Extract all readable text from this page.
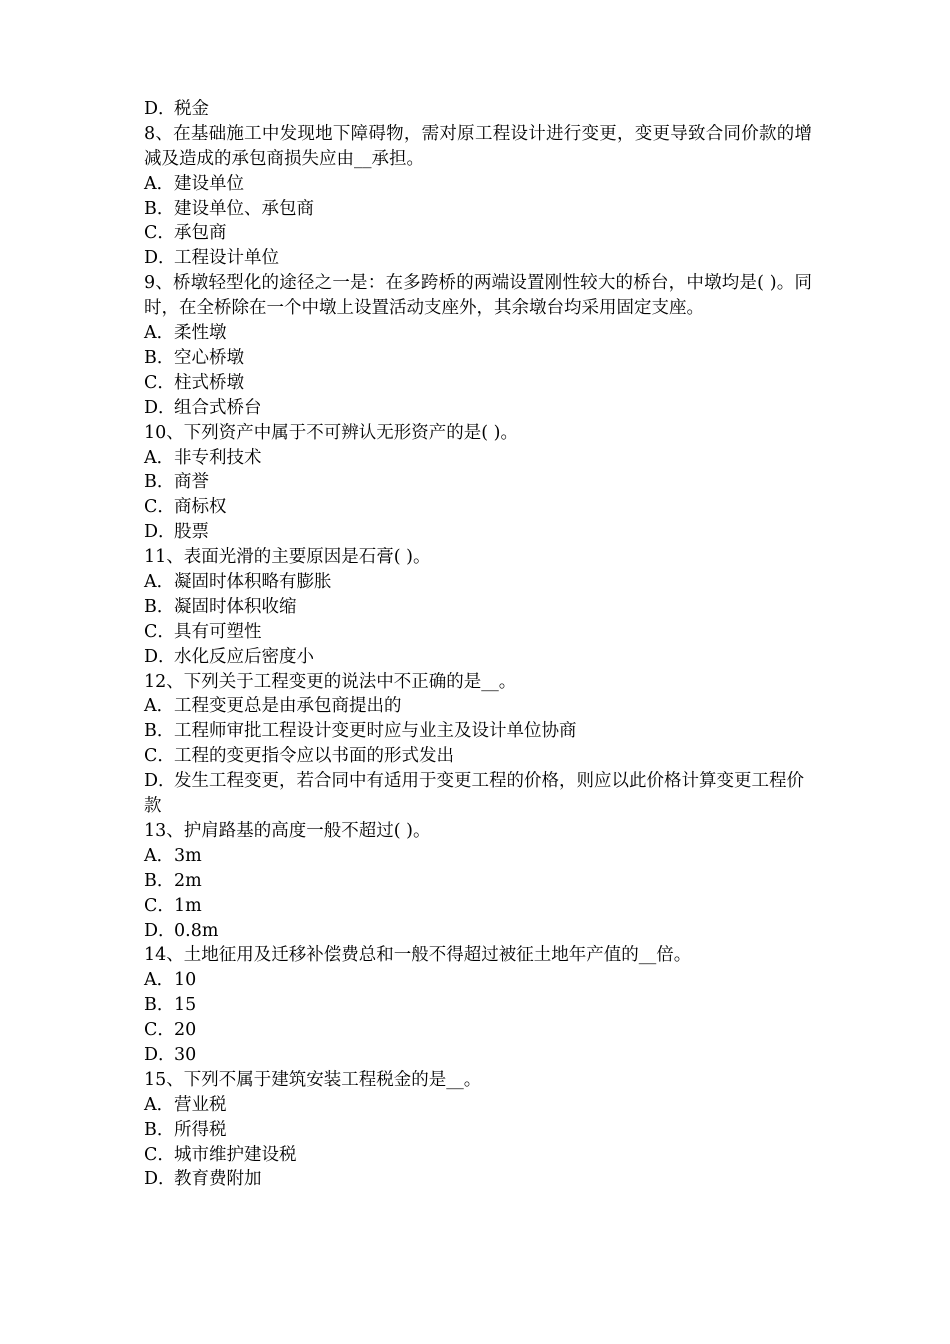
D．税金
8、在基础施工中发现地下障碍物，需对原工程设计进行变更，变更导致合同价款的增减及造成的承包商损失应由__承担。
A．建设单位
B．建设单位、承包商
C．承包商
D．工程设计单位
9、桥墩轻型化的途径之一是：在多跨桥的两端设置刚性较大的桥台，中墩均是( )。同时，在全桥除在一个中墩上设置活动支座外，其余墩台均采用固定支座。
A．柔性墩
B．空心桥墩
C．柱式桥墩
D．组合式桥台
10、下列资产中属于不可辨认无形资产的是( )。
A．非专利技术
B．商誉
C．商标权
D．股票
11、表面光滑的主要原因是石膏( )。
A．凝固时体积略有膨胀
B．凝固时体积收缩
C．具有可塑性
D．水化反应后密度小
12、下列关于工程变更的说法中不正确的是__。
A．工程变更总是由承包商提出的
B．工程师审批工程设计变更时应与业主及设计单位协商
C．工程的变更指令应以书面的形式发出
D．发生工程变更，若合同中有适用于变更工程的价格，则应以此价格计算变更工程价款
13、护肩路基的高度一般不超过( )。
A．3m
B．2m
C．1m
D．0.8m
14、土地征用及迁移补偿费总和一般不得超过被征土地年产值的__倍。
A．10
B．15
C．20
D．30
15、下列不属于建筑安装工程税金的是__。
A．营业税
B．所得税
C．城市维护建设税
D．教育费附加
